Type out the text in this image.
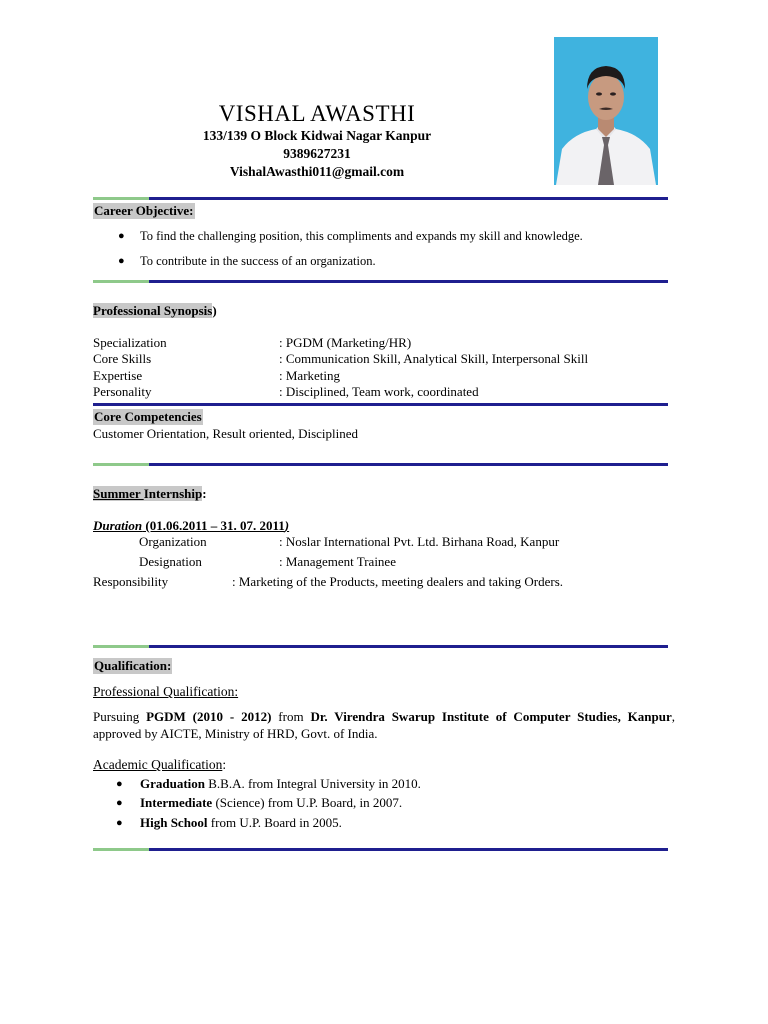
VISHAL AWASTHI
133/139 O Block Kidwai Nagar Kanpur
9389627231
VishalAwasthi011@gmail.com
Career Objective:
● To find the challenging position, this compliments and expands my skill and knowledge.
● To contribute in the success of an organization.
Professional Synopsis)
Specialization	: PGDM (Marketing/HR)
Core Skills	: Communication Skill, Analytical Skill, Interpersonal Skill
Expertise	: Marketing
Personality	: Disciplined, Team work, coordinated
Core Competencies
Customer Orientation, Result oriented, Disciplined
Summer Internship:
Duration (01.06.2011 – 31. 07. 2011)
Organization	: Noslar International Pvt. Ltd. Birhana Road, Kanpur
Designation	: Management Trainee
Responsibility	: Marketing of the Products, meeting dealers and taking Orders.
Qualification:
Professional Qualification:
Pursuing PGDM (2010 - 2012) from Dr. Virendra Swarup Institute of Computer Studies, Kanpur, approved by AICTE, Ministry of HRD, Govt. of India.
Academic Qualification:
● Graduation B.B.A. from Integral University in 2010.
● Intermediate (Science) from U.P. Board, in 2007.
● High School from U.P. Board in 2005.
